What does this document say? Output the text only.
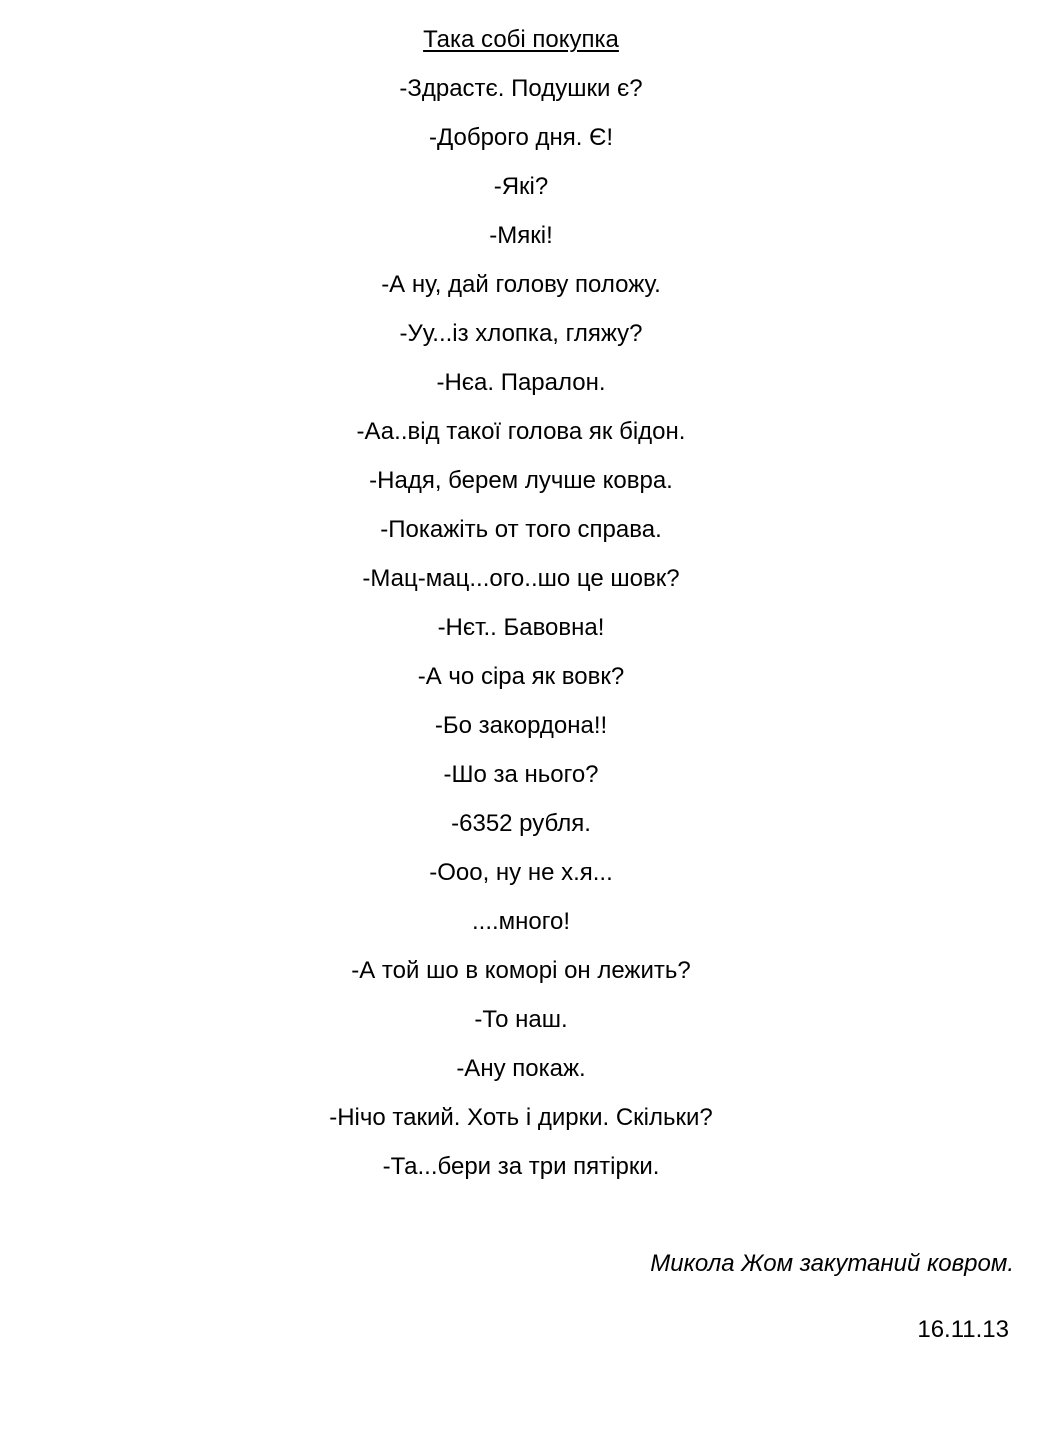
Така собі покупка
-Здрастє. Подушки є?
-Доброго дня. Є!
-Які?
-Мякі!
-А ну, дай голову положу.
-Уу...із хлопка, гляжу?
-Нєа. Паралон.
-Аа..від такої голова як бідон.
-Надя, берем лучше ковра.
-Покажіть от того справа.
-Мац-мац...ого..шо це шовк?
-Нєт.. Бавовна!
-А чо сіра як вовк?
-Бо закордона!!
-Шо за нього?
-6352 рубля.
-Ооо, ну не х.я...
....много!
-А той шо в коморі он лежить?
-То наш.
-Ану покаж.
-Нічо такий. Хоть і дирки. Скільки?
-Та...бери за три пятірки.
Микола Жом закутаний ковром.
16.11.13
